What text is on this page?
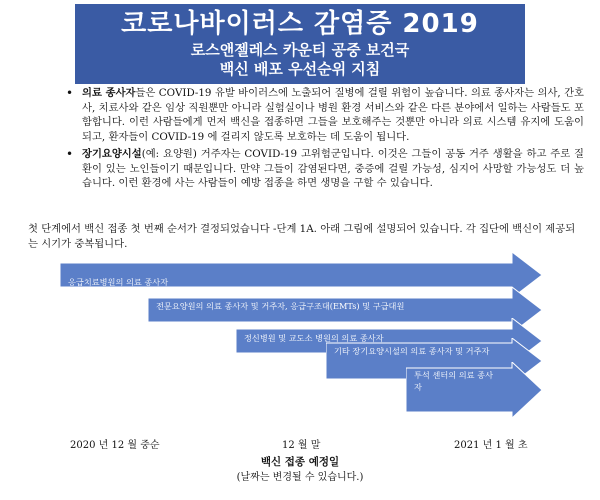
코로나바이러스 감염증 2019
로스앤젤레스 카운티 공중 보건국
백신 배포 우선순위 지침
• 의료 종사자들은 COVID-19 유발 바이러스에 노출되어 질병에 걸릴 위험이 높습니다. 의료 종사자는 의사, 간호사, 치료사와 같은 임상 직원뿐만 아니라 실험실이나 병원 환경 서비스와 같은 다른 분야에서 일하는 사람들도 포함합니다. 이런 사람들에게 먼저 백신을 접종하면 그들을 보호해주는 것뿐만 아니라 의료 시스템 유지에 도움이 되고, 환자들이 COVID-19 에 걸리지 않도록 보호하는 데 도움이 됩니다.
• 장기요양시설(예: 요양원) 거주자는 COVID-19 고위험군입니다. 이것은 그들이 공동 거주 생활을 하고 주로 질환이 있는 노인들이기 때문입니다. 만약 그들이 감염된다면, 중증에 걸릴 가능성, 심지어 사망할 가능성도 더 높습니다. 이런 환경에 사는 사람들이 예방 접종을 하면 생명을 구할 수 있습니다.
첫 단계에서 백신 접종 첫 번째 순서가 결정되었습니다 -단계 1A. 아래 그림에 설명되어 있습니다. 각 집단에 백신이 제공되는 시기가 중복됩니다.
응급치료병원의 의료 종사자
전문요양원의 의료 종사자 및 거주자, 응급구조대(EMTs) 및 구급대원
정신병원 및 교도소 병원의 의료 종사자
기타 장기요양시설의 의료 종사자 및 거주자
투석 센터의 의료 종사자
2020 년 12 월 중순	12 월 말	2021 년 1 월 초
백신 접종 예정일
(날짜는 변경될 수 있습니다.)
